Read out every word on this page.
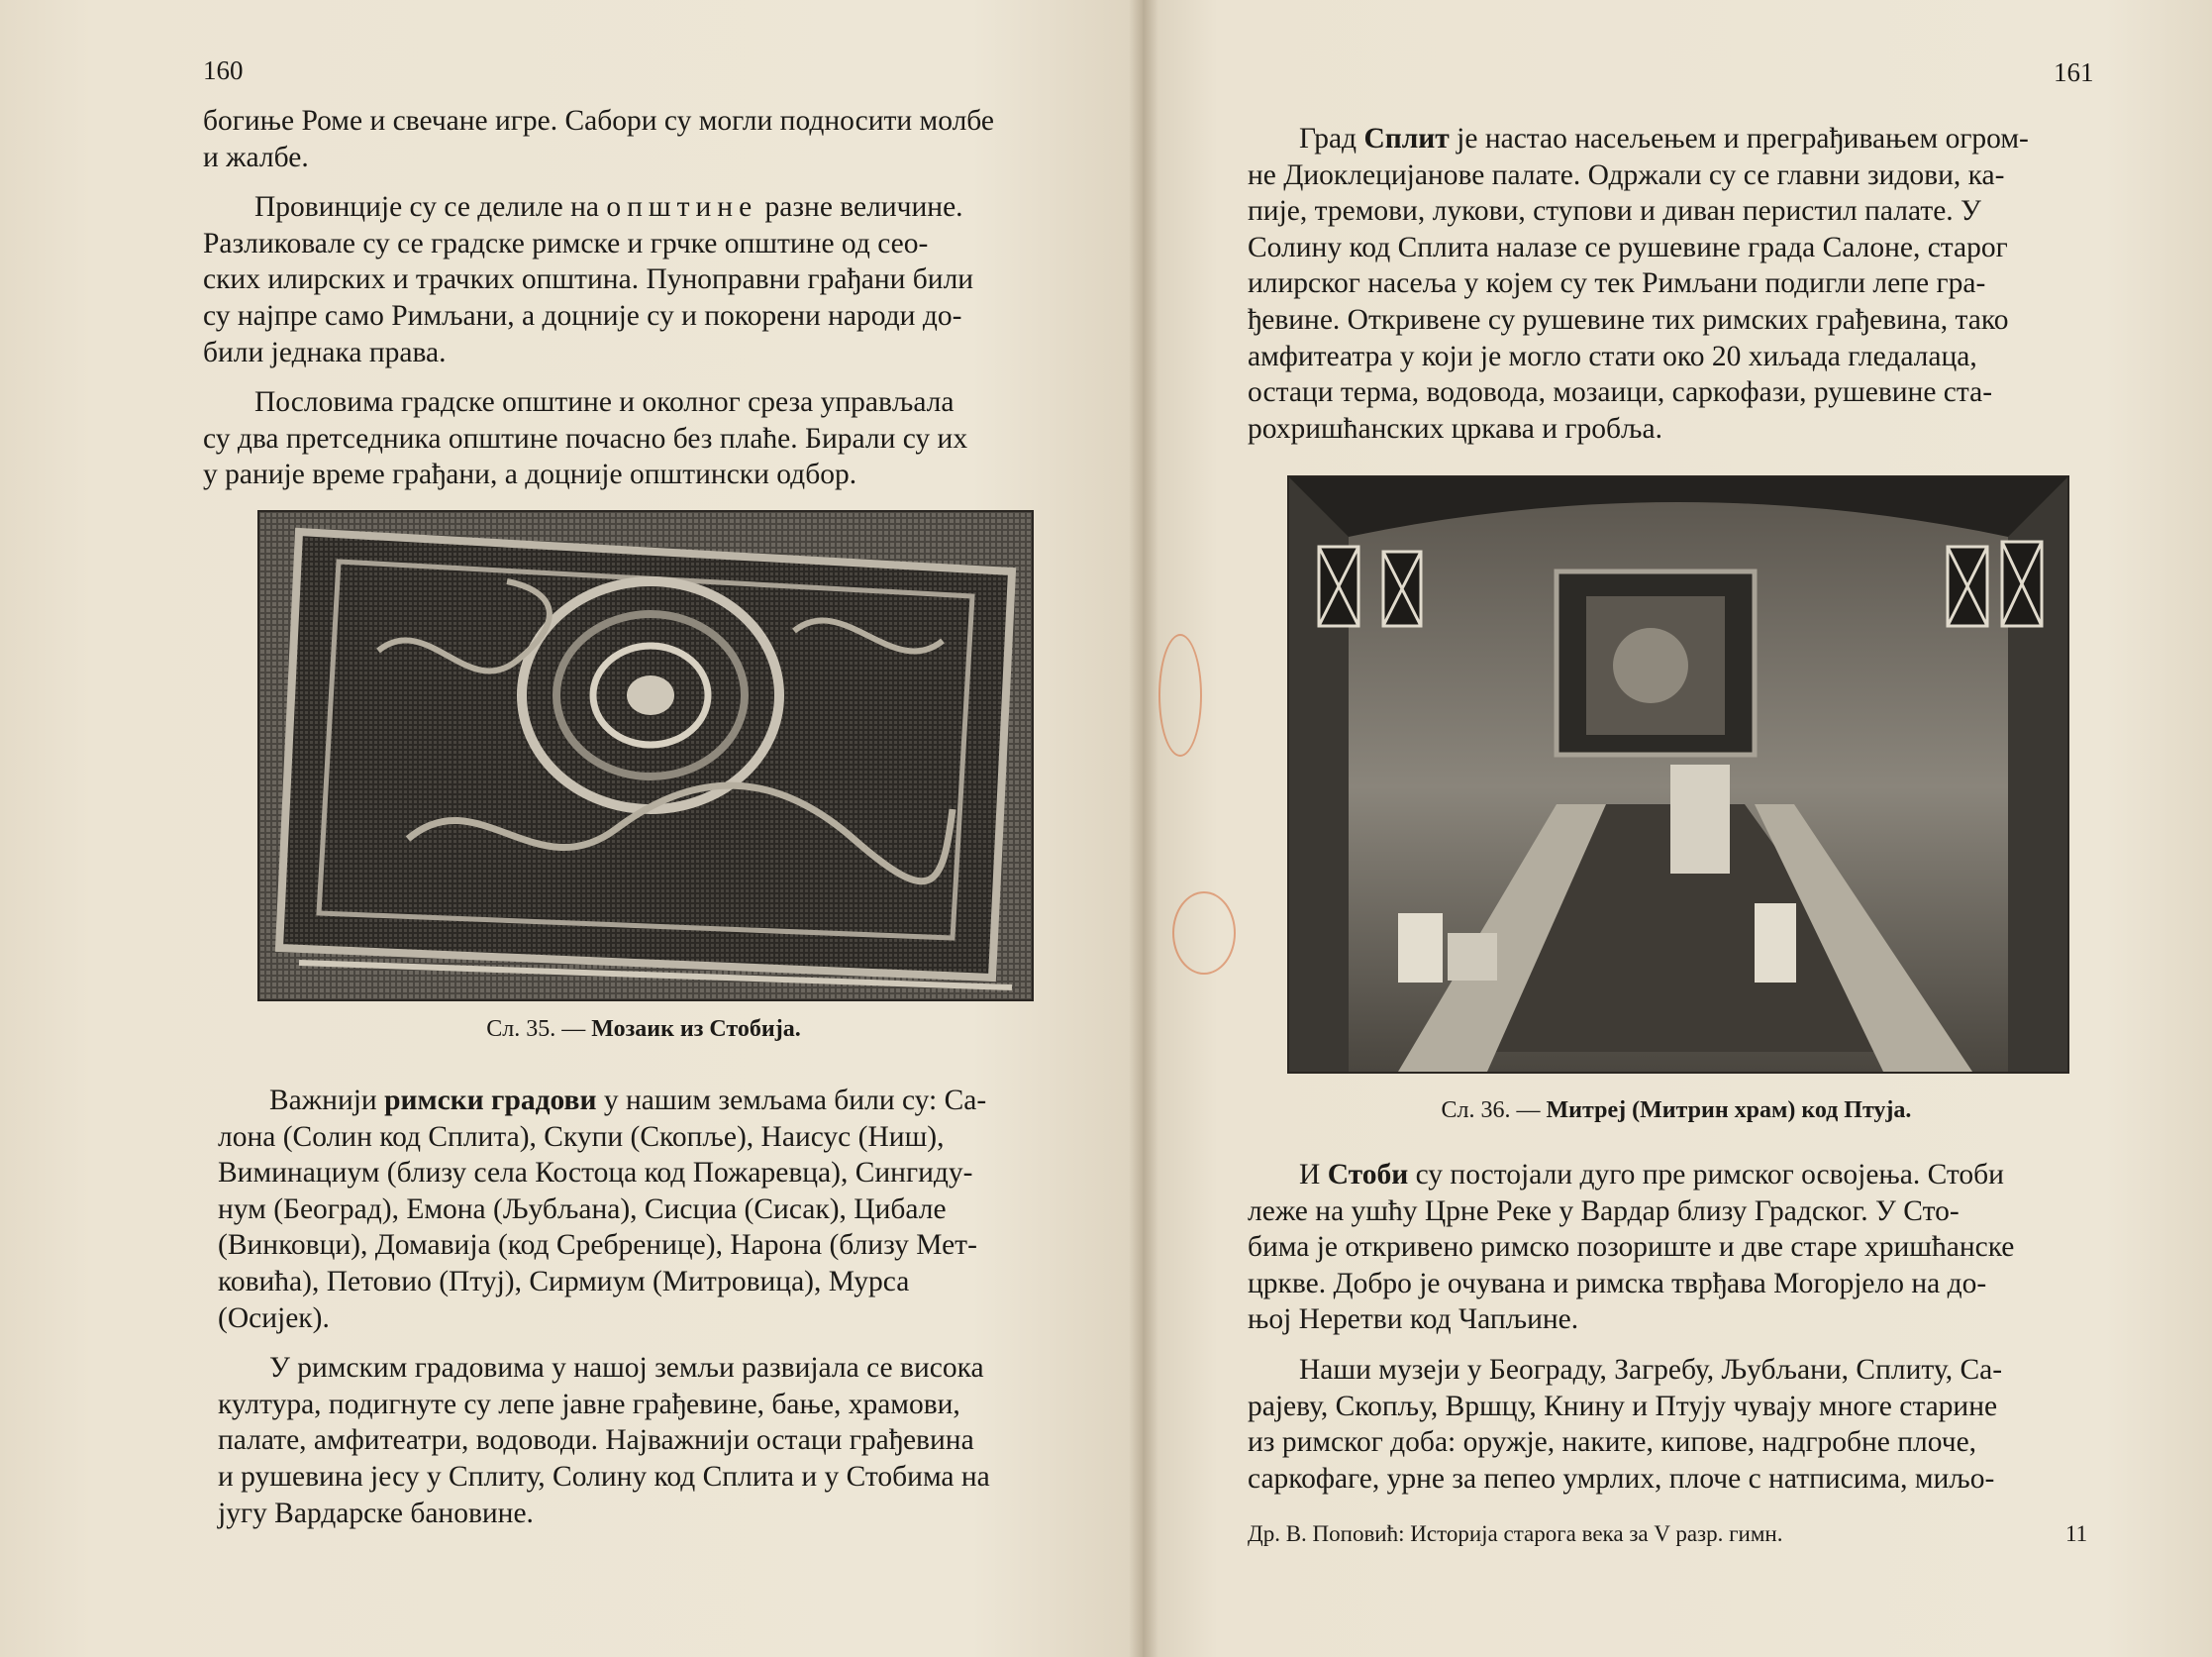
160

богиње Роме и свечане игре. Сабори су могли подносити молбе

и жалбе.

Провинције су се делиле на општине разне величине.

Разликовале су се градске римске и грчке општине од сео-

ских илирских и трачких општина. Пуноправни грађани били

су најпре само Римљани, а доцније су и покорени народи до-

били једнака права.

Пословима градске општине и околног среза управљала

су два претседника општине почасно без плаће. Бирали су их

у раније време грађани, а доцније општински одбор.

Сл. 35. — Мозаик из Стобија.

Важнији римски градови у нашим земљама били су: Са-

лона (Солин код Сплита), Скупи (Скопље), Наисус (Ниш),

Виминациум (близу села Костоца код Пожаревца), Сингиду-

нум (Београд), Емона (Љубљана), Сисциа (Сисак), Цибале

(Винковци), Домавија (код Сребренице), Нарона (близу Мет-

ковића), Петовио (Птуј), Сирмиум (Митровица), Мурса

(Осијек).

У римским градовима у нашој земљи развијала се висока

култура, подигнуте су лепе јавне грађевине, бање, храмови,

палате, амфитеатри, водоводи. Најважнији остаци грађевина

и рушевина јесу у Сплиту, Солину код Сплита и у Стобима на

југу Вардарске бановине.

161

Град Сплит је настао насељењем и преграђивањем огром-

не Диоклецијанове палате. Одржали су се главни зидови, ка-

пије, тремови, лукови, ступови и диван перистил палате. У

Солину код Сплита налазе се рушевине града Салоне, старог

илирског насеља у којем су тек Римљани подигли лепе гра-

ђевине. Откривене су рушевине тих римских грађевина, тако

амфитеатра у који је могло стати око 20 хиљада гледалаца,

остаци терма, водовода, мозаици, саркофази, рушевине ста-

рохришћанских цркава и гробља.

Сл. 36. — Митреј (Митрин храм) код Птуја.

И Стоби су постојали дуго пре римског освојења. Стоби

леже на ушћу Црне Реке у Вардар близу Градског. У Сто-

бима је откривено римско позориште и две старе хришћанске

цркве. Добро је очувана и римска тврђава Могорјело на до-

њој Неретви код Чапљине.

Наши музеји у Београду, Загребу, Љубљани, Сплиту, Са-

рајеву, Скопљу, Вршцу, Книну и Птују чувају многе старине

из римског доба: оружје, наките, кипове, надгробне плоче,

саркофаге, урне за пепео умрлих, плоче с натписима, миљо-

Др. В. Поповић: Историја старога века за V разр. гимн.	11
